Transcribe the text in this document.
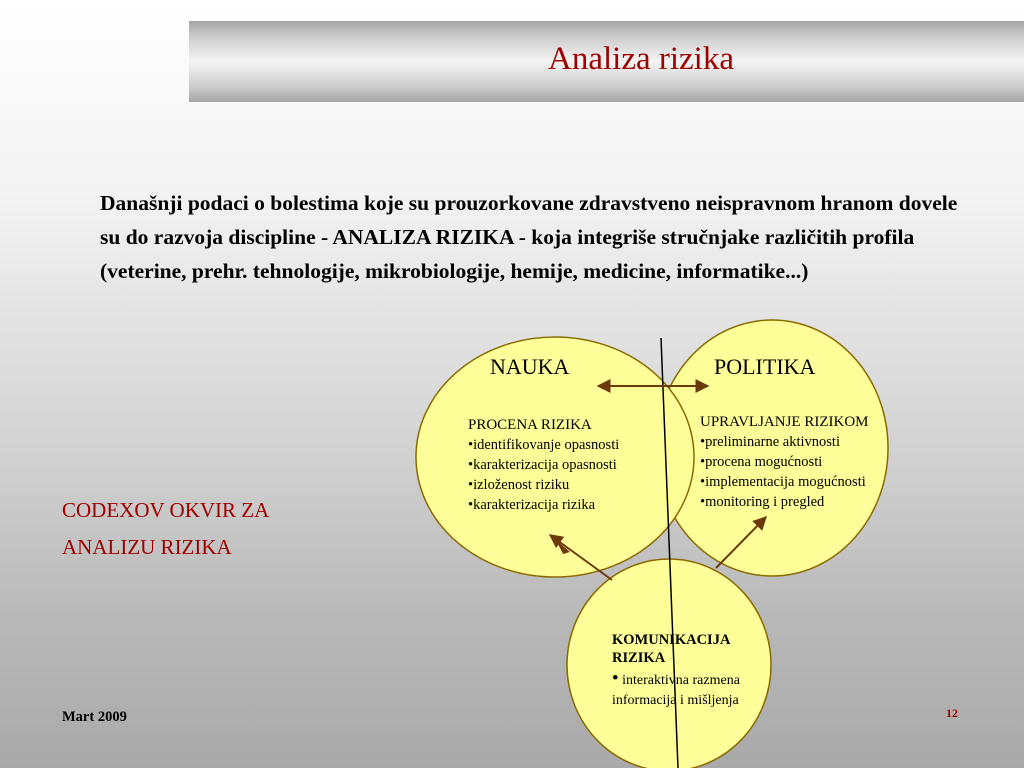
Analiza rizika

Današnji podaci o bolestima koje su prouzorkovane zdravstveno neispravnom hranom dovele su do razvoja discipline - ANALIZA RIZIKA - koja integriše stručnjake različitih profila (veterine, prehr. tehnologije, mikrobiologije, hemije, medicine, informatike...)

CODEXOV OKVIR ZA
ANALIZU RIZIKA
NAUKA	POLITIKA
PROCENA RIZIKA
• identifikovanje opasnosti
• karakterizacija opasnosti
• izloženost riziku
• karakterizacija rizika
UPRAVLJANJE RIZIKOM
• preliminarne aktivnosti
• procena mogućnosti
• implementacija mogućnosti
• monitoring i pregled
KOMUNIKACIJA RIZIKA
• interaktivna razmena informacija i mišljenja
Mart 2009	12
